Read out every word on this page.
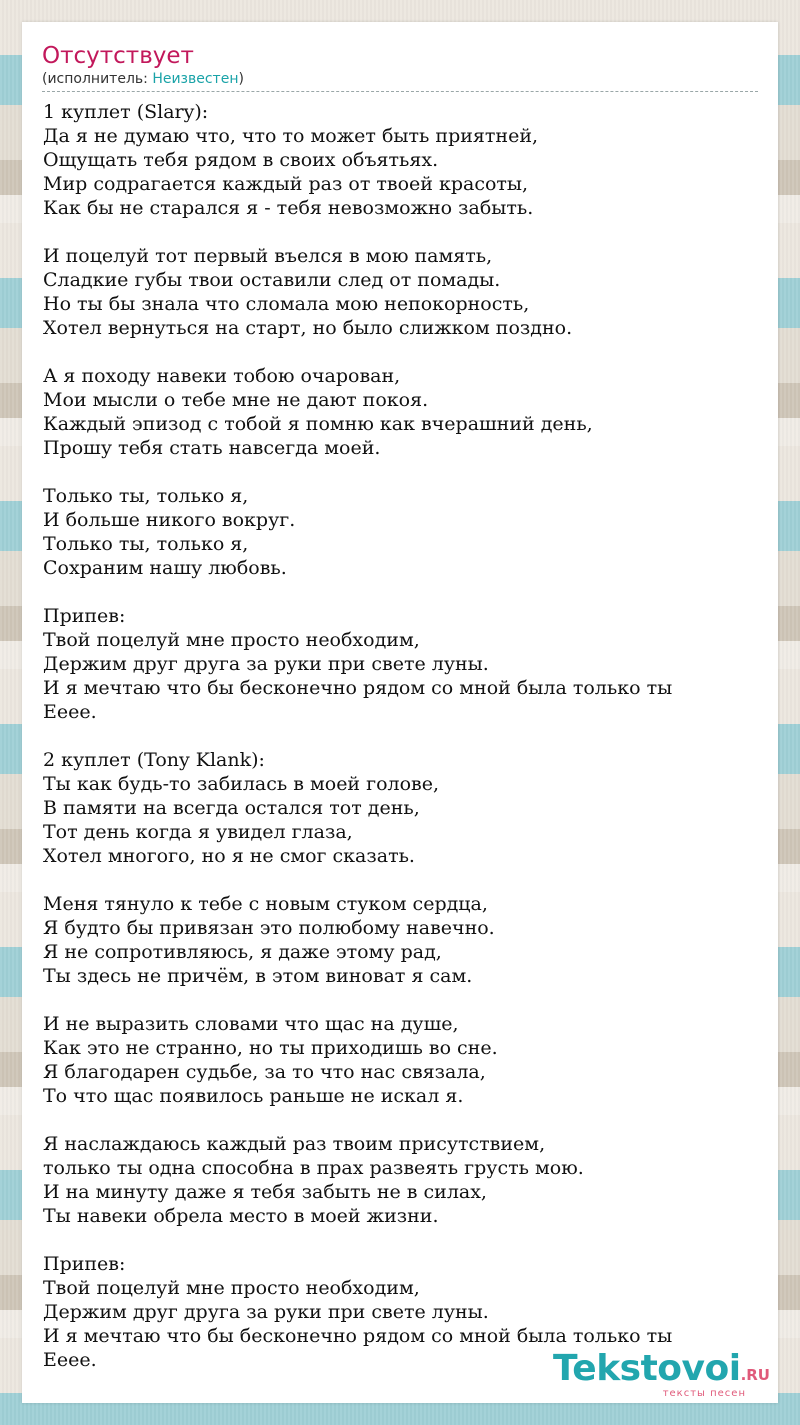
Отсутствует
(исполнитель: Неизвестен)
1 куплет (Slary):
Да я не думаю что, что то может быть приятней,
Ощущать тебя рядом в своих объятьях.
Мир содрагается каждый раз от твоей красоты,
Как бы не старался я - тебя невозможно забыть.
И поцелуй тот первый въелся в мою память,
Сладкие губы твои оставили след от помады.
Но ты бы знала что сломала мою непокорность,
Хотел вернуться на старт, но было слижком поздно.
А я походу навеки тобою очарован,
Мои мысли о тебе мне не дают покоя.
Каждый эпизод с тобой я помню как вчерашний день,
Прошу тебя стать навсегда моей.
Только ты, только я,
И больше никого вокруг.
Только ты, только я,
Сохраним нашу любовь.
Припев:
Твой поцелуй мне просто необходим,
Держим друг друга за руки при свете луны.
И я мечтаю что бы бесконечно рядом со мной была только ты
Ееее.
2 куплет (Tony Klank):
Ты как будь-то забилась в моей голове,
В памяти на всегда остался тот день,
Тот день когда я увидел глаза,
Хотел многого, но я не смог сказать.
Меня тянуло к тебе с новым стуком сердца,
Я будто бы привязан это полюбому навечно.
Я не сопротивляюсь, я даже этому рад,
Ты здесь не причём, в этом виноват я сам.
И не выразить словами что щас на душе,
Как это не странно, но ты приходишь во сне.
Я благодарен судьбе, за то что нас связала,
То что щас появилось раньше не искал я.
Я наслаждаюсь каждый раз твоим присутствием,
только ты одна способна в прах развеять грусть мою.
И на минуту даже я тебя забыть не в силах,
Ты навеки обрела место в моей жизни.
Припев:
Твой поцелуй мне просто необходим,
Держим друг друга за руки при свете луны.
И я мечтаю что бы бесконечно рядом со мной была только ты
Ееее.	Tekstovoi.RU
тексты песен
